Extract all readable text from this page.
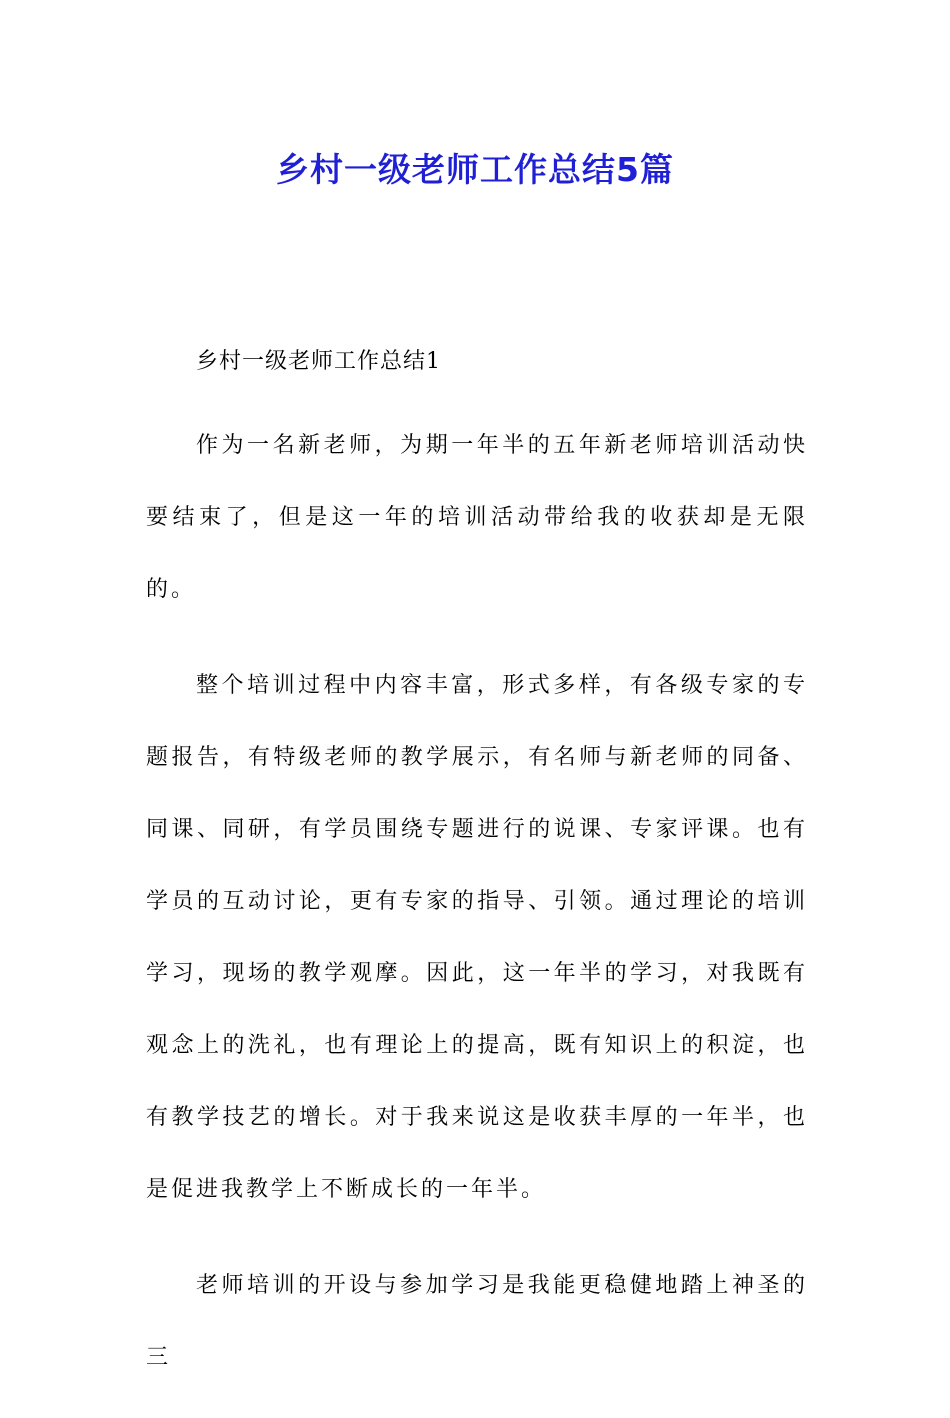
乡村一级老师工作总结5篇

乡村一级老师工作总结1

作为一名新老师，为期一年半的五年新老师培训活动快要结束了，但是这一年的培训活动带给我的收获却是无限的。

整个培训过程中内容丰富，形式多样，有各级专家的专题报告，有特级老师的教学展示，有名师与新老师的同备、同课、同研，有学员围绕专题进行的说课、专家评课。也有学员的互动讨论，更有专家的指导、引领。通过理论的培训学习，现场的教学观摩。因此，这一年半的学习，对我既有观念上的洗礼，也有理论上的提高，既有知识上的积淀，也有教学技艺的增长。对于我来说这是收获丰厚的一年半，也是促进我教学上不断成长的一年半。

老师培训的开设与参加学习是我能更稳健地踏上神圣的三
